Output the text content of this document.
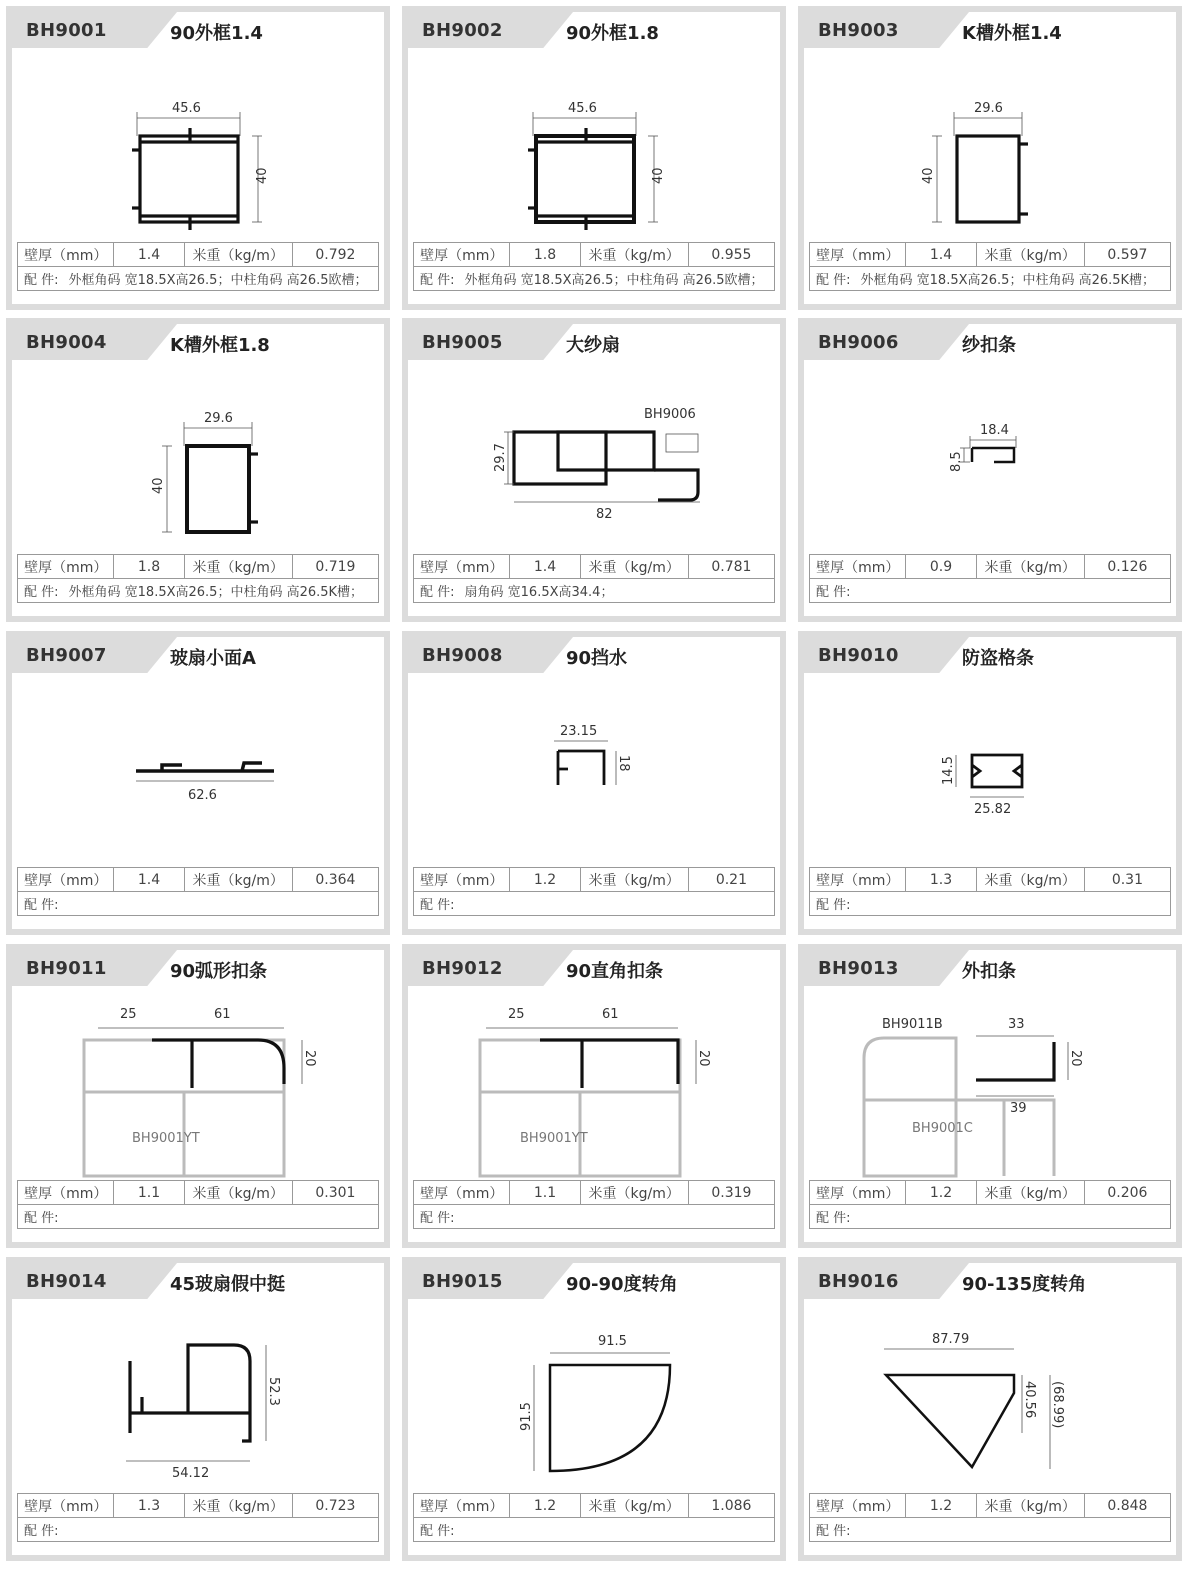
BH9001	90外框1.4
45.6
40
壁厚（mm）	1.4	米重（kg/m）	0.792
配 件: 外框角码 宽18.5X高26.5；中柱角码 高26.5欧槽；
BH9002	90外框1.8
45.6
40
壁厚（mm）	1.8	米重（kg/m）	0.955
配 件: 外框角码 宽18.5X高26.5；中柱角码 高26.5欧槽；
BH9003	K槽外框1.4
29.6
40
壁厚（mm）	1.4	米重（kg/m）	0.597
配 件: 外框角码 宽18.5X高26.5；中柱角码 高26.5K槽；
BH9004	K槽外框1.8
29.6
40
壁厚（mm）	1.8	米重（kg/m）	0.719
配 件: 外框角码 宽18.5X高26.5；中柱角码 高26.5K槽；
BH9005	大纱扇
29.7
82
BH9006
壁厚（mm）	1.4	米重（kg/m）	0.781
配 件: 扇角码 宽16.5X高34.4；
BH9006	纱扣条
18.4
8.5
壁厚（mm）	0.9	米重（kg/m）	0.126
配 件:
BH9007	玻扇小面A
62.6
壁厚（mm）	1.4	米重（kg/m）	0.364
配 件:
BH9008	90挡水
23.15
18
壁厚（mm）	1.2	米重（kg/m）	0.21
配 件:
BH9010	防盗格条
14.5
25.82
壁厚（mm）	1.3	米重（kg/m）	0.31
配 件:
BH9011	90弧形扣条
25	61
20
BH9001YT
壁厚（mm）	1.1	米重（kg/m）	0.301
配 件:
BH9012	90直角扣条
25	61
20
BH9001YT
壁厚（mm）	1.1	米重（kg/m）	0.319
配 件:
BH9013	外扣条
BH9011B	33
20
39
BH9001C
壁厚（mm）	1.2	米重（kg/m）	0.206
配 件:
BH9014	45玻扇假中挺
52.3
54.12
壁厚（mm）	1.3	米重（kg/m）	0.723
配 件:
BH9015	90-90度转角
91.5
91.5
壁厚（mm）	1.2	米重（kg/m）	1.086
配 件:
BH9016	90-135度转角
87.79
40.56 (68.99)
壁厚（mm）	1.2	米重（kg/m）	0.848
配 件:
